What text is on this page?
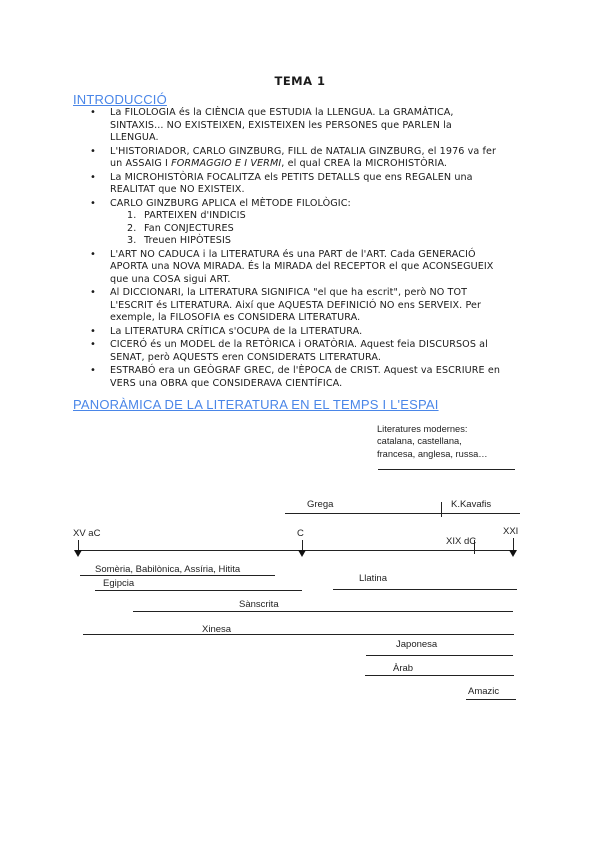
TEMA 1
INTRODUCCIÓ
• La FILOLOGIA és la CIÈNCIA que ESTUDIA la LLENGUA. La GRAMÀTICA,
SINTAXIS... NO EXISTEIXEN, EXISTEIXEN les PERSONES que PARLEN la
LLENGUA.
• L'HISTORIADOR, CARLO GINZBURG, FILL de NATALIA GINZBURG, el 1976 va fer
un ASSAIG I FORMAGGIO E I VERMI, el qual CREA la MICROHISTÒRIA.
• La MICROHISTÒRIA FOCALITZA els PETITS DETALLS que ens REGALEN una
REALITAT que NO EXISTEIX.
• CARLO GINZBURG APLICA el MÈTODE FILOLÒGIC:
1. PARTEIXEN d'INDICIS
2. Fan CONJECTURES
3. Treuen HIPÒTESIS
• L'ART NO CADUCA i la LITERATURA és una PART de l'ART. Cada GENERACIÓ
APORTA una NOVA MIRADA. És la MIRADA del RECEPTOR el que ACONSEGUEIX
que una COSA sigui ART.
• Al DICCIONARI, la LITERATURA SIGNIFICA "el que ha escrit", però NO TOT
L'ESCRIT és LITERATURA. Així que AQUESTA DEFINICIÓ NO ens SERVEIX. Per
exemple, la FILOSOFIA es CONSIDERA LITERATURA.
• La LITERATURA CRÍTICA s'OCUPA de la LITERATURA.
• CICERÓ és un MODEL de la RETÒRICA i ORATÒRIA. Aquest feia DISCURSOS al
SENAT, però AQUESTS eren CONSIDERATS LITERATURA.
• ESTRABÓ era un GEÒGRAF GREC, de l'ÈPOCA de CRIST. Aquest va ESCRIURE en
VERS una OBRA que CONSIDERAVA CIENTÍFICA.
PANORÀMICA DE LA LITERATURA EN EL TEMPS I L'ESPAI
Literatures modernes:
catalana, castellana,
francesa, anglesa, russa…
Grega	K.Kavafis
XV aC	C
XIX dC
XXI
Somèria, Babilònica, Assíria, Hitita
Egipcia	Llatina
Sànscrita
Xinesa
Japonesa
Àrab
Amazic
